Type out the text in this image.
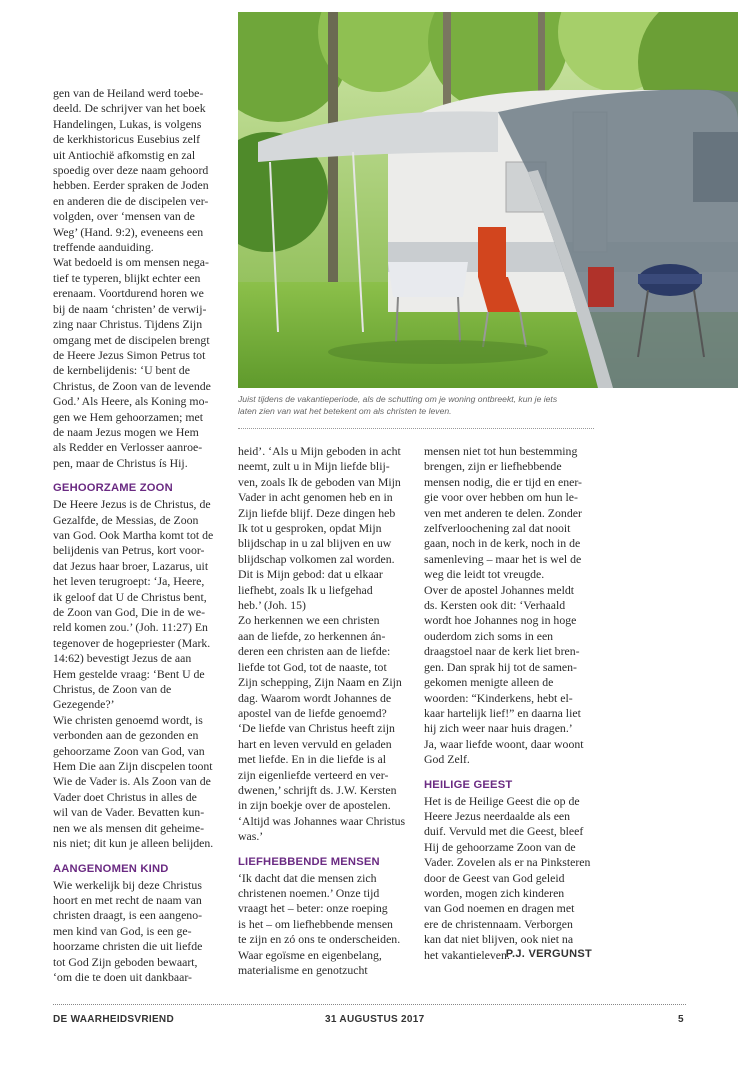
Juist tijdens de vakantieperiode, als de schutting om je woning ontbreekt, kun je iets

laten zien van wat het betekent om als christen te leven.

gen van de Heiland werd toebe-

deeld. De schrijver van het boek

Handelingen, Lukas, is volgens

de kerkhistoricus Eusebius zelf

uit Antiochië afkomstig en zal

spoedig over deze naam gehoord

hebben. Eerder spraken de Joden

en anderen die de discipelen ver-

volgden, over ‘mensen van de

Weg’ (Hand. 9:2), eveneens een

treffende aanduiding.

Wat bedoeld is om mensen nega-

tief te typeren, blijkt echter een

erenaam. Voortdurend horen we

bij de naam ‘christen’ de verwij-

zing naar Christus. Tijdens Zijn

omgang met de discipelen brengt

de Heere Jezus Simon Petrus tot

de kernbelijdenis: ‘U bent de

Christus, de Zoon van de levende

God.’ Als Heere, als Koning mo-

gen we Hem gehoorzamen; met

de naam Jezus mogen we Hem

als Redder en Verlosser aanroe-

pen, maar de Christus ís Hij.

GEHOORZAME ZOON

De Heere Jezus is de Christus, de

Gezalfde, de Messias, de Zoon

van God. Ook Martha komt tot de

belijdenis van Petrus, kort voor-

dat Jezus haar broer, Lazarus, uit

het leven terugroept: ‘Ja, Heere,

ik geloof dat U de Christus bent,

de Zoon van God, Die in de we-

reld komen zou.’ (Joh. 11:27) En

tegenover de hogepriester (Mark.

14:62) bevestigt Jezus de aan

Hem gestelde vraag: ‘Bent U de

Christus, de Zoon van de

Gezegende?’

Wie christen genoemd wordt, is

verbonden aan de gezonden en

gehoorzame Zoon van God, van

Hem Die aan Zijn discpelen toont

Wie de Vader is. Als Zoon van de

Vader doet Christus in alles de

wil van de Vader. Bevatten kun-

nen we als mensen dit geheime-

nis niet; dit kun je alleen belijden.

AANGENOMEN KIND

Wie werkelijk bij deze Christus

hoort en met recht de naam van

christen draagt, is een aangeno-

men kind van God, is een ge-

hoorzame christen die uit liefde

tot God Zijn geboden bewaart,

‘om die te doen uit dankbaar-

heid’. ‘Als u Mijn geboden in acht

neemt, zult u in Mijn liefde blij-

ven, zoals Ik de geboden van Mijn

Vader in acht genomen heb en in

Zijn liefde blijf. Deze dingen heb

Ik tot u gesproken, opdat Mijn

blijdschap in u zal blijven en uw

blijdschap volkomen zal worden.

Dit is Mijn gebod: dat u elkaar

liefhebt, zoals Ik u liefgehad

heb.’ (Joh. 15)

Zo herkennen we een christen

aan de liefde, zo herkennen án-

deren een christen aan de liefde:

liefde tot God, tot de naaste, tot

Zijn schepping, Zijn Naam en Zijn

dag. Waarom wordt Johannes de

apostel van de liefde genoemd?

‘De liefde van Christus heeft zijn

hart en leven vervuld en geladen

met liefde. En in die liefde is al

zijn eigenliefde verteerd en ver-

dwenen,’ schrijft ds. J.W. Kersten

in zijn boekje over de apostelen.

‘Altijd was Johannes waar Christus

was.’

LIEFHEBBENDE MENSEN

‘Ik dacht dat die mensen zich

christenen noemen.’ Onze tijd

vraagt het – beter: onze roeping

is het – om liefhebbende mensen

te zijn en zó ons te onderscheiden.

Waar egoïsme en eigenbelang,

materialisme en genotzucht

mensen niet tot hun bestemming

brengen, zijn er liefhebbende

mensen nodig, die er tijd en ener-

gie voor over hebben om hun le-

ven met anderen te delen. Zonder

zelfverloochening zal dat nooit

gaan, noch in de kerk, noch in de

samenleving – maar het is wel de

weg die leidt tot vreugde.

Over de apostel Johannes meldt

ds. Kersten ook dit: ‘Verhaald

wordt hoe Johannes nog in hoge

ouderdom zich soms in een

draagstoel naar de kerk liet bren-

gen. Dan sprak hij tot de samen-

gekomen menigte alleen de

woorden: “Kinderkens, hebt el-

kaar hartelijk lief!” en daarna liet

hij zich weer naar huis dragen.’

Ja, waar liefde woont, daar woont

God Zelf.

HEILIGE GEEST

Het is de Heilige Geest die op de

Heere Jezus neerdaalde als een

duif. Vervuld met die Geest, bleef

Hij de gehoorzame Zoon van de

Vader. Zovelen als er na Pinksteren

door de Geest van God geleid

worden, mogen zich kinderen

van God noemen en dragen met

ere de christennaam. Verborgen

kan dat niet blijven, ook niet na

het vakantieleven.

P.J. VERGUNST
DE WAARHEIDSVRIEND	31 AUGUSTUS 2017	5
